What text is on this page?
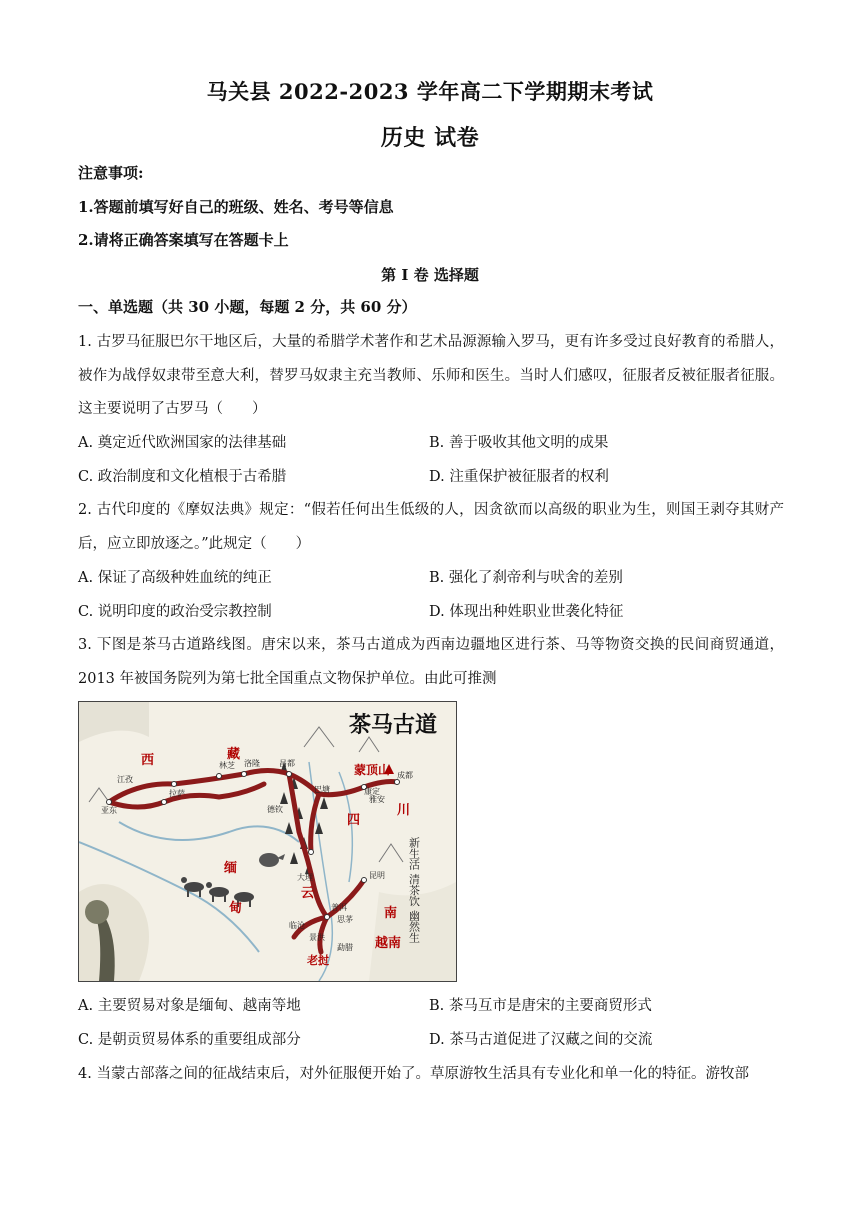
马关县 2022-2023 学年高二下学期期末考试
历史 试卷
注意事项:
1.答题前填写好自己的班级、姓名、考号等信息
2.请将正确答案填写在答题卡上
第 I 卷 选择题
一、单选题（共 30 小题，每题 2 分，共 60 分）
1. 古罗马征服巴尔干地区后，大量的希腊学术著作和艺术品源源输入罗马，更有许多受过良好教育的希腊人，被作为战俘奴隶带至意大利，替罗马奴隶主充当教师、乐师和医生。当时人们感叹，征服者反被征服者征服。这主要说明了古罗马（　　）
A. 奠定近代欧洲国家的法律基础	B. 善于吸收其他文明的成果
C. 政治制度和文化植根于古希腊	D. 注重保护被征服者的权利
2. 古代印度的《摩奴法典》规定：“假若任何出生低级的人，因贪欲而以高级的职业为生，则国王剥夺其财产后，应立即放逐之。”此规定（　　）
A. 保证了高级种姓血统的纯正	B. 强化了刹帝利与吠舍的差别
C. 说明印度的政治受宗教控制	D. 体现出种姓职业世袭化特征
3. 下图是茶马古道路线图。唐宋以来，茶马古道成为西南边疆地区进行茶、马等物资交换的民间商贸通道，2013 年被国务院列为第七批全国重点文物保护单位。由此可推测
茶马古道
蒙顶山
西	藏
四
川
缅
甸
云
南
越南
老挝
江孜
林芝 洛隆 昌都
拉萨
亚东
成都
雅安
康定
巴塘
德钦
大理	昆明
普洱
思茅
临沧
勐腊
景洪	新生活 清茶饮 幽然生
A. 主要贸易对象是缅甸、越南等地	B. 茶马互市是唐宋的主要商贸形式
C. 是朝贡贸易体系的重要组成部分	D. 茶马古道促进了汉藏之间的交流
4. 当蒙古部落之间的征战结束后，对外征服便开始了。草原游牧生活具有专业化和单一化的特征。游牧部
